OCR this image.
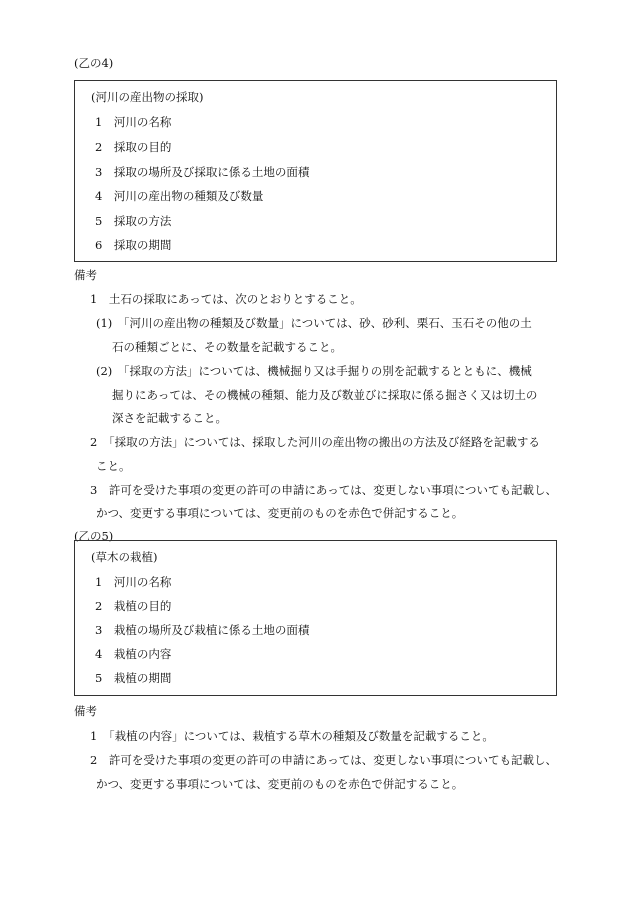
(乙の4)
(河川の産出物の採取)
1　河川の名称
2　採取の目的
3　採取の場所及び採取に係る土地の面積
4　河川の産出物の種類及び数量
5　採取の方法
6　採取の期間
備考
1　土石の採取にあっては、次のとおりとすること。
(1)　「河川の産出物の種類及び数量」については、砂、砂利、栗石、玉石その他の土
石の種類ごとに、その数量を記載すること。
(2)　「採取の方法」については、機械掘り又は手掘りの別を記載するとともに、機械
掘りにあっては、その機械の種類、能力及び数並びに採取に係る掘さく又は切土の
深さを記載すること。
2　「採取の方法」については、採取した河川の産出物の搬出の方法及び経路を記載する
こと。
3　許可を受けた事項の変更の許可の申請にあっては、変更しない事項についても記載し、
かつ、変更する事項については、変更前のものを赤色で併記すること。
(乙の5)
(草木の栽植)
1　河川の名称
2　栽植の目的
3　栽植の場所及び栽植に係る土地の面積
4　栽植の内容
5　栽植の期間
備考
1　「栽植の内容」については、栽植する草木の種類及び数量を記載すること。
2　許可を受けた事項の変更の許可の申請にあっては、変更しない事項についても記載し、
かつ、変更する事項については、変更前のものを赤色で併記すること。
